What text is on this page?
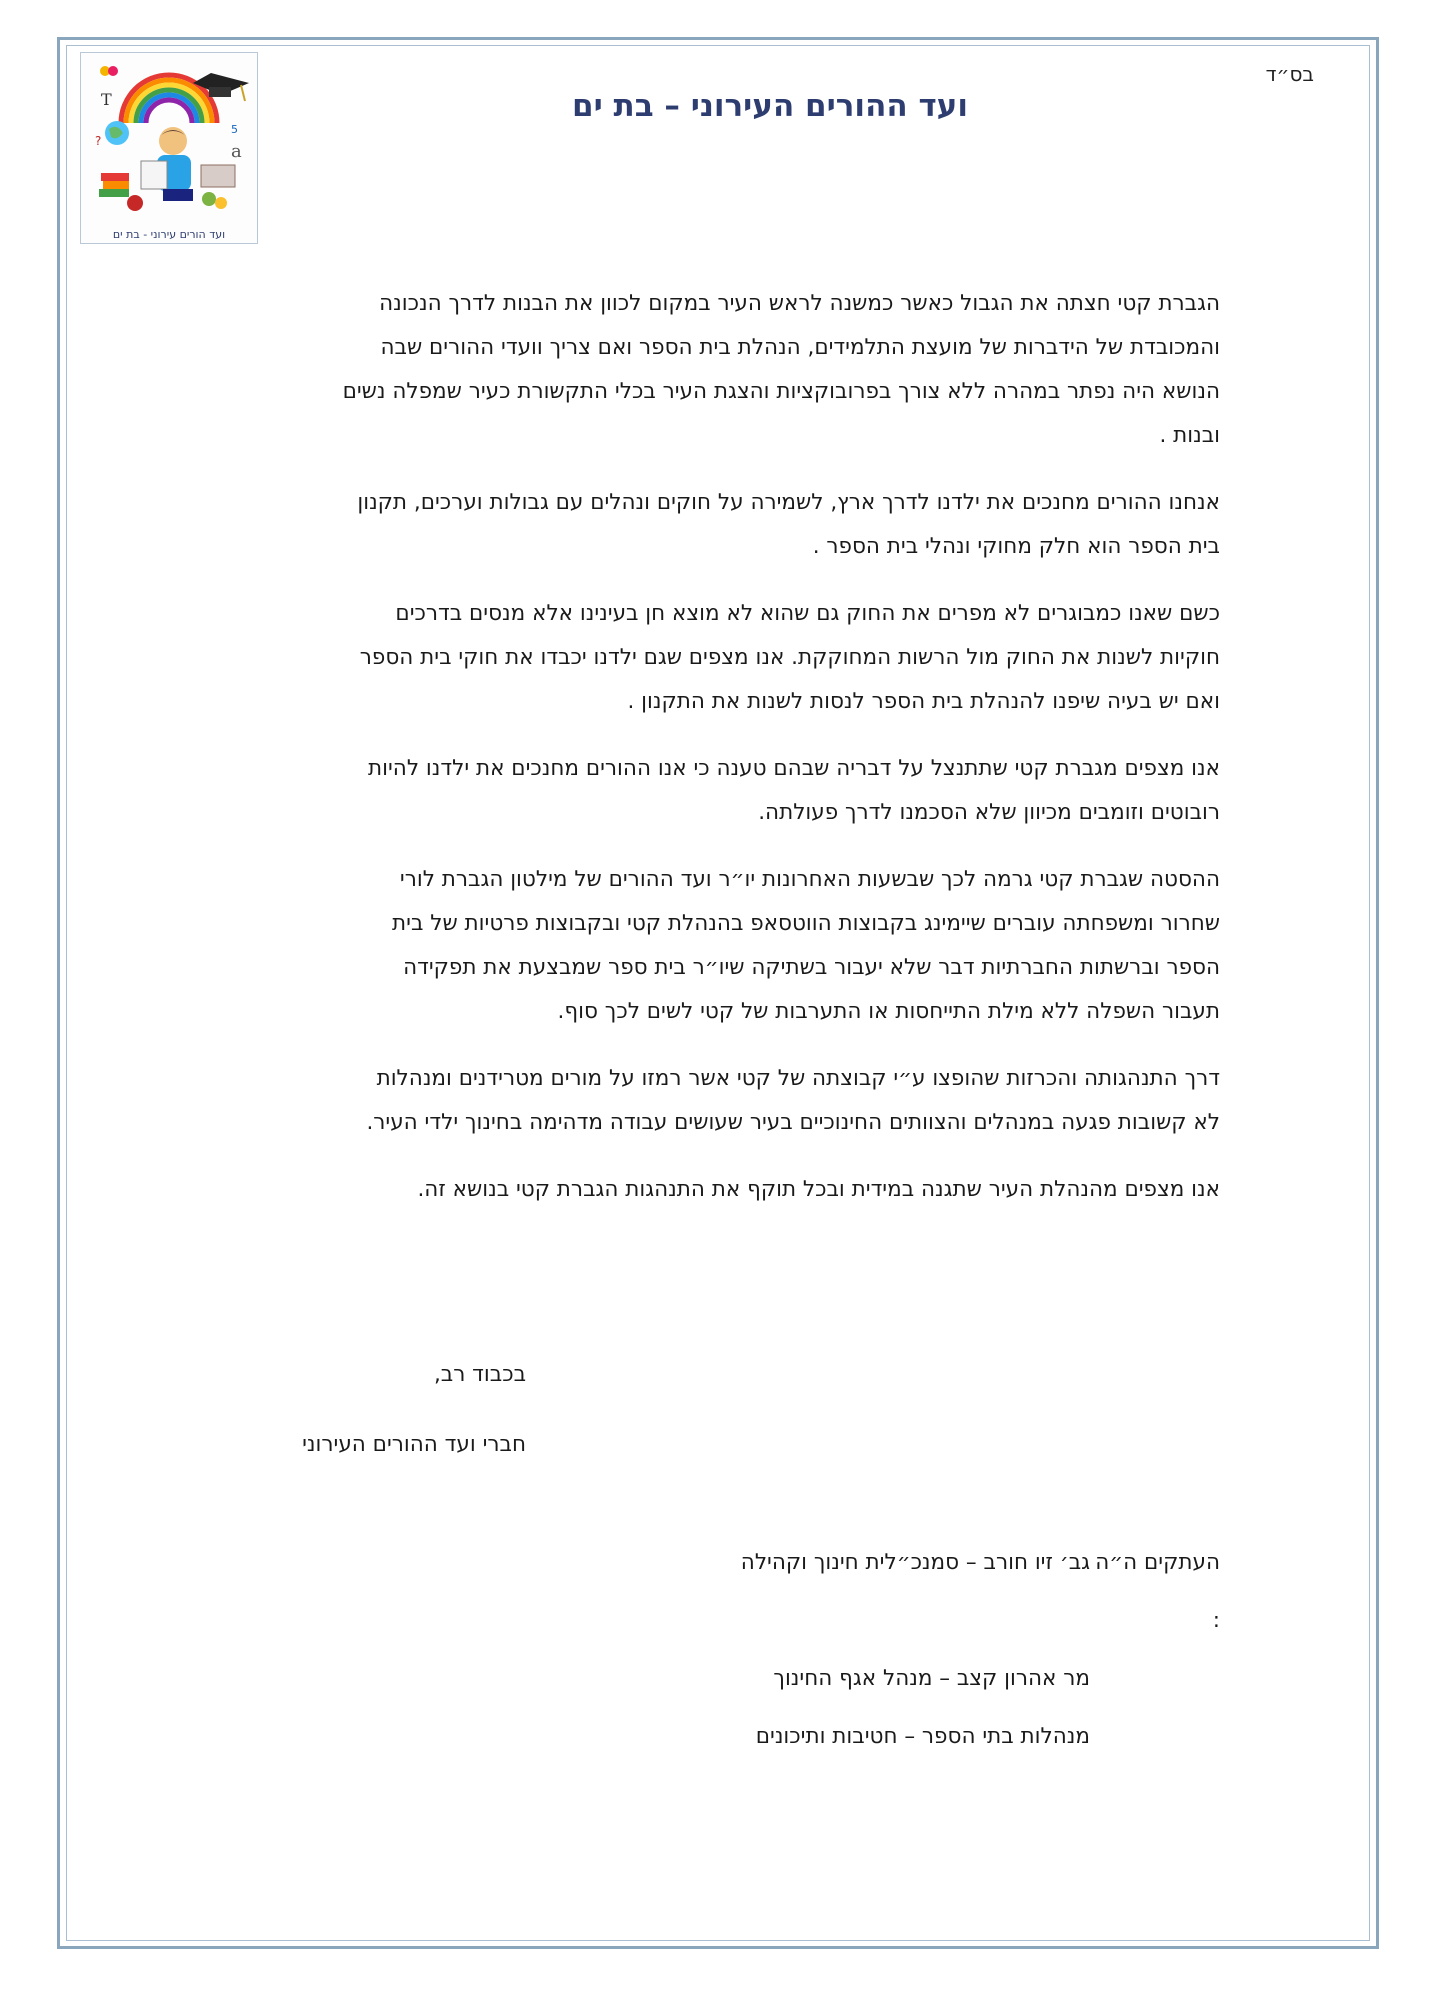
בס״ד
T
a
?
5
ועד הורים עירוני - בת ים
ועד ההורים העירוני – בת ים

הגברת קטי חצתה את הגבול כאשר כמשנה לראש העיר במקום לכוון את הבנות לדרך הנכונה
והמכובדת של הידברות של מועצת התלמידים, הנהלת בית הספר ואם צריך וועדי ההורים שבה
הנושא היה נפתר במהרה ללא צורך בפרובוקציות והצגת העיר בכלי התקשורת כעיר שמפלה נשים
ובנות .

אנחנו ההורים מחנכים את ילדנו לדרך ארץ, לשמירה על חוקים ונהלים עם גבולות וערכים, תקנון
בית הספר הוא חלק מחוקי ונהלי בית הספר .

כשם שאנו כמבוגרים לא מפרים את החוק גם שהוא לא מוצא חן בעינינו אלא מנסים בדרכים
חוקיות לשנות את החוק מול הרשות המחוקקת. אנו מצפים שגם ילדנו יכבדו את חוקי בית הספר
ואם יש בעיה שיפנו להנהלת בית הספר לנסות לשנות את התקנון .

אנו מצפים מגברת קטי שתתנצל על דבריה שבהם טענה כי אנו ההורים מחנכים את ילדנו להיות
רובוטים וזומבים מכיוון שלא הסכמנו לדרך פעולתה.

ההסטה שגברת קטי גרמה לכך שבשעות האחרונות יו״ר ועד ההורים של מילטון הגברת לורי
שחרור ומשפחתה עוברים שיימינג בקבוצות הווטסאפ בהנהלת קטי ובקבוצות פרטיות של בית
הספר וברשתות החברתיות דבר שלא יעבור בשתיקה שיו״ר בית ספר שמבצעת את תפקידה
תעבור השפלה ללא מילת התייחסות או התערבות של קטי לשים לכך סוף.

דרך התנהגותה והכרזות שהופצו ע״י קבוצתה של קטי אשר רמזו על מורים מטרידנים ומנהלות
לא קשובות פגעה במנהלים והצוותים החינוכיים בעיר שעושים עבודה מדהימה בחינוך ילדי העיר.

אנו מצפים מהנהלת העיר שתגנה במידית ובכל תוקף את התנהגות הגברת קטי בנושא זה.

בכבוד רב,
חברי ועד ההורים העירוני
העתקים ה״ה :
גב׳ זיו חורב – סמנכ״לית חינוך וקהילה
מר אהרון קצב – מנהל אגף החינוך
מנהלות בתי הספר – חטיבות ותיכונים
